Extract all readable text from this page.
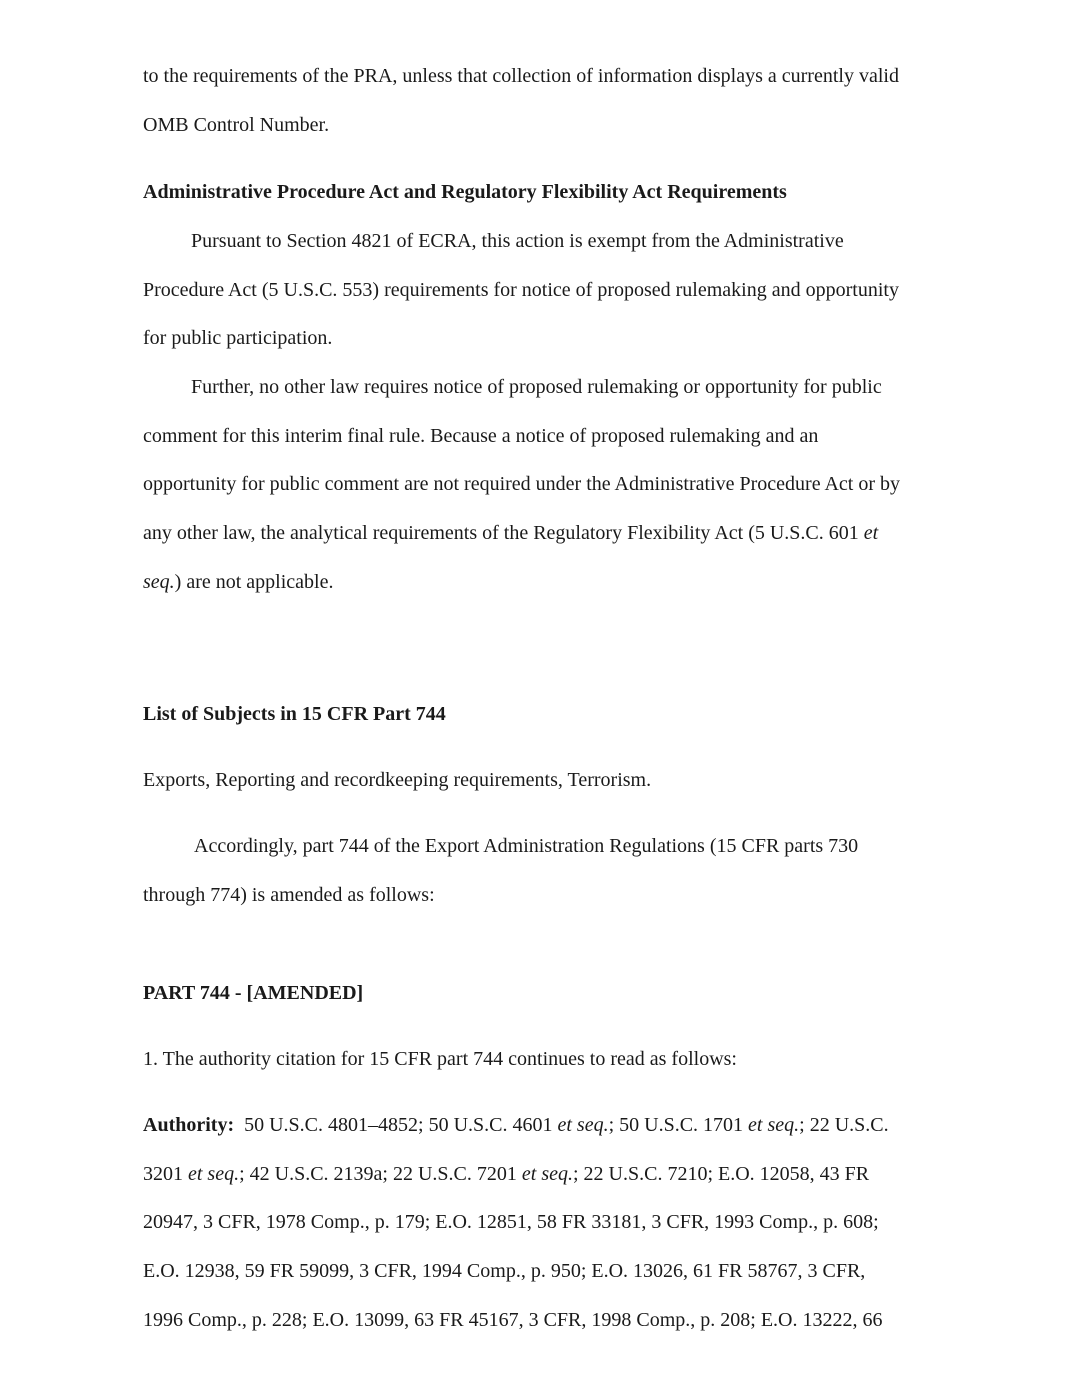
to the requirements of the PRA, unless that collection of information displays a currently valid
OMB Control Number.
Administrative Procedure Act and Regulatory Flexibility Act Requirements
Pursuant to Section 4821 of ECRA, this action is exempt from the Administrative
Procedure Act (5 U.S.C. 553) requirements for notice of proposed rulemaking and opportunity
for public participation.
Further, no other law requires notice of proposed rulemaking or opportunity for public
comment for this interim final rule. Because a notice of proposed rulemaking and an
opportunity for public comment are not required under the Administrative Procedure Act or by
any other law, the analytical requirements of the Regulatory Flexibility Act (5 U.S.C. 601 et
seq.) are not applicable.
List of Subjects in 15 CFR Part 744
Exports, Reporting and recordkeeping requirements, Terrorism.
Accordingly, part 744 of the Export Administration Regulations (15 CFR parts 730
through 774) is amended as follows:
PART 744 - [AMENDED]
1. The authority citation for 15 CFR part 744 continues to read as follows:
Authority:  50 U.S.C. 4801–4852; 50 U.S.C. 4601 et seq.; 50 U.S.C. 1701 et seq.; 22 U.S.C.
3201 et seq.; 42 U.S.C. 2139a; 22 U.S.C. 7201 et seq.; 22 U.S.C. 7210; E.O. 12058, 43 FR
20947, 3 CFR, 1978 Comp., p. 179; E.O. 12851, 58 FR 33181, 3 CFR, 1993 Comp., p. 608;
E.O. 12938, 59 FR 59099, 3 CFR, 1994 Comp., p. 950; E.O. 13026, 61 FR 58767, 3 CFR,
1996 Comp., p. 228; E.O. 13099, 63 FR 45167, 3 CFR, 1998 Comp., p. 208; E.O. 13222, 66
